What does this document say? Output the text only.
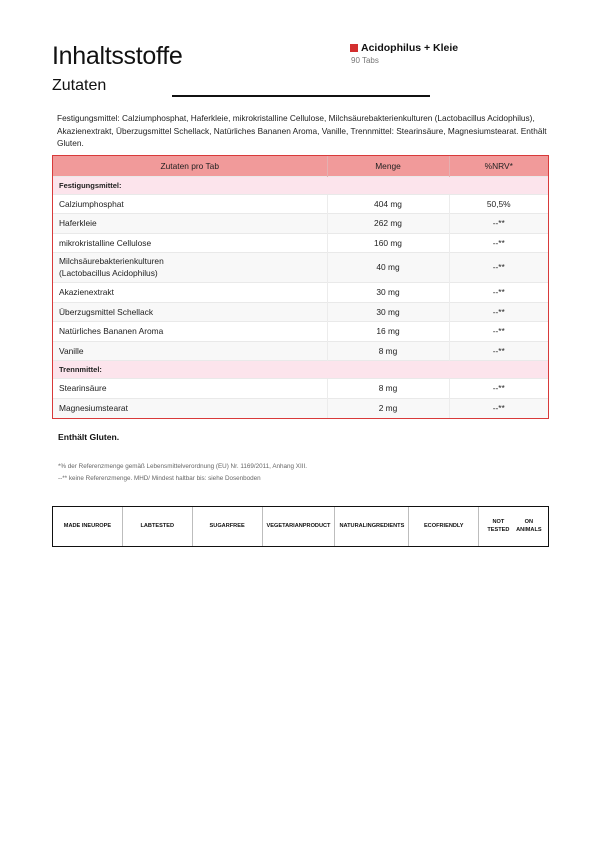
Inhaltsstoffe
Zutaten
Acidophilus + Kleie
90 Tabs
Festigungsmittel: Calziumphosphat, Haferkleie, mikrokristalline Cellulose, Milchsäurebakterienkulturen (Lactobacillus Acidophilus), Akazienextrakt, Überzugsmittel Schellack, Natürliches Bananen Aroma, Vanille, Trennmittel: Stearinsäure, Magnesiumstearat. Enthält Gluten.
Zutaten pro Tab	Menge	%NRV*
Festigungsmittel:		
Calziumphosphat	404 mg	50,5%
Haferkleie	262 mg	--**
mikrokristalline Cellulose	160 mg	--**
Milchsäurebakterienkulturen
(Lactobacillus Acidophilus)	40 mg	--**
Akazienextrakt	30 mg	--**
Überzugsmittel Schellack	30 mg	--**
Natürliches Bananen Aroma	16 mg	--**
Vanille	8 mg	--**
Trennmittel:		
Stearinsäure	8 mg	--**
Magnesiumstearat	2 mg	--**
Enthält Gluten.
*% der Referenzmenge gemäß Lebensmittelverordnung (EU) Nr. 1169/2011, Anhang XIII.
--** keine Referenzmenge. MHD/ Mindest haltbar bis: siehe Dosenboden
MADE IN EUROPE	LAB TESTED	SUGAR FREE	VEGETARIAN PRODUCT NATURAL INGREDIENTS	ECO FRIENDLY
NOT TESTED

ON ANIMALS
